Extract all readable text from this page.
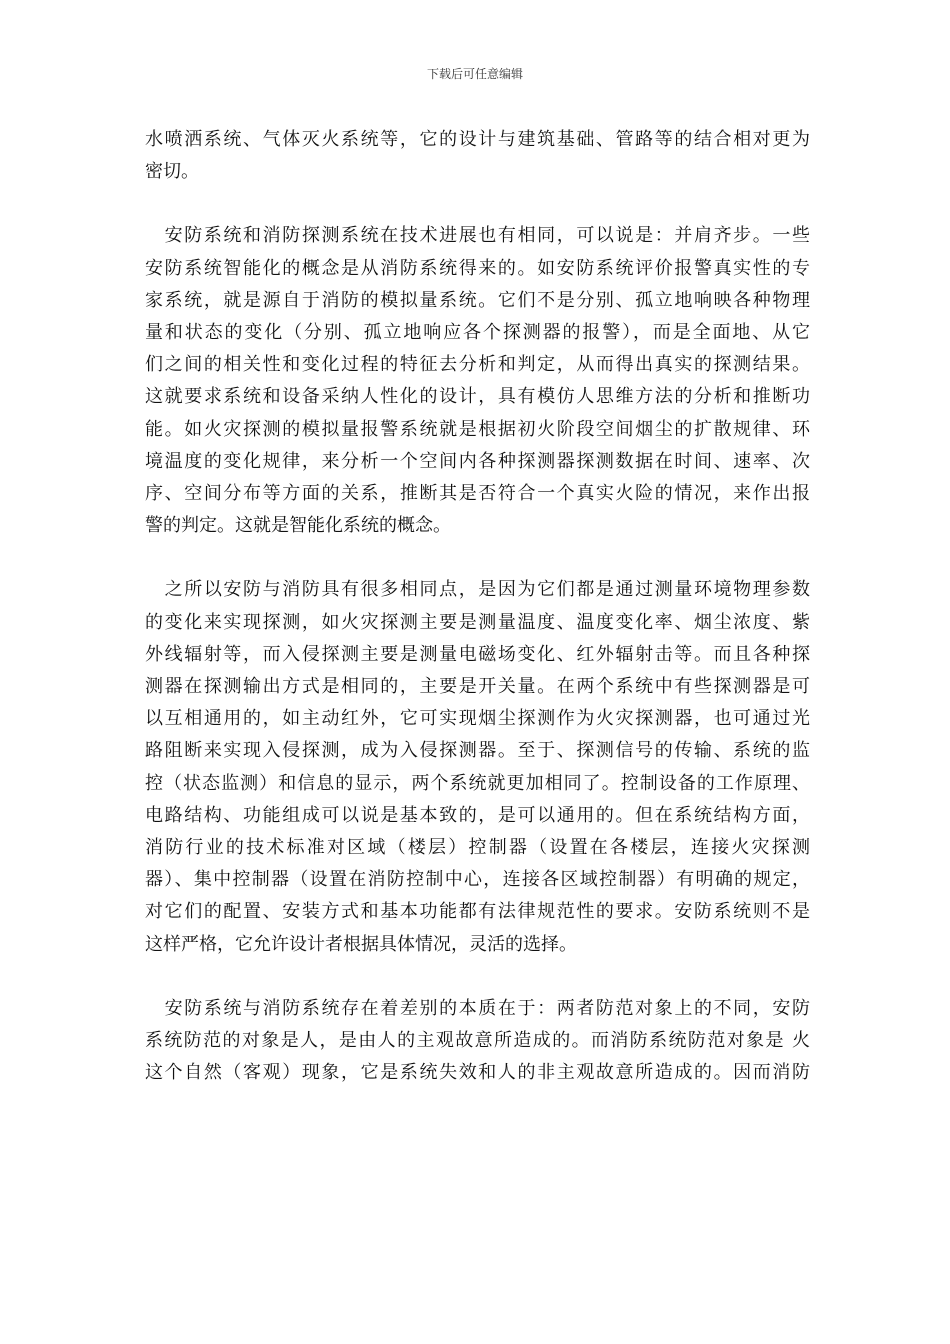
下载后可任意编辑
水喷洒系统、气体灭火系统等，它的设计与建筑基础、管路等的结合相对更为
密切。
　安防系统和消防探测系统在技术进展也有相同，可以说是：并肩齐步。一些
安防系统智能化的概念是从消防系统得来的。如安防系统评价报警真实性的专
家系统，就是源自于消防的模拟量系统。它们不是分别、孤立地响映各种物理
量和状态的变化（分别、孤立地响应各个探测器的报警），而是全面地、从它
们之间的相关性和变化过程的特征去分析和判定，从而得出真实的探测结果。
这就要求系统和设备采纳人性化的设计，具有模仿人思维方法的分析和推断功
能。如火灾探测的模拟量报警系统就是根据初火阶段空间烟尘的扩散规律、环
境温度的变化规律，来分析一个空间内各种探测器探测数据在时间、速率、次
序、空间分布等方面的关系，推断其是否符合一个真实火险的情况，来作出报
警的判定。这就是智能化系统的概念。
　之所以安防与消防具有很多相同点，是因为它们都是通过测量环境物理参数
的变化来实现探测，如火灾探测主要是测量温度、温度变化率、烟尘浓度、紫
外线辐射等，而入侵探测主要是测量电磁场变化、红外辐射击等。而且各种探
测器在探测输出方式是相同的，主要是开关量。在两个系统中有些探测器是可
以互相通用的，如主动红外，它可实现烟尘探测作为火灾探测器，也可通过光
路阻断来实现入侵探测，成为入侵探测器。至于、探测信号的传输、系统的监
控（状态监测）和信息的显示，两个系统就更加相同了。控制设备的工作原理、
电路结构、功能组成可以说是基本致的，是可以通用的。但在系统结构方面，
消防行业的技术标准对区域（楼层）控制器（设置在各楼层，连接火灾探测
器）、集中控制器（设置在消防控制中心，连接各区域控制器）有明确的规定，
对它们的配置、安装方式和基本功能都有法律规范性的要求。安防系统则不是
这样严格，它允许设计者根据具体情况，灵活的选择。
　安防系统与消防系统存在着差别的本质在于：两者防范对象上的不同，安防
系统防范的对象是人，是由人的主观故意所造成的。而消防系统防范对象是 火
这个自然（客观）现象，它是系统失效和人的非主观故意所造成的。因而消防
